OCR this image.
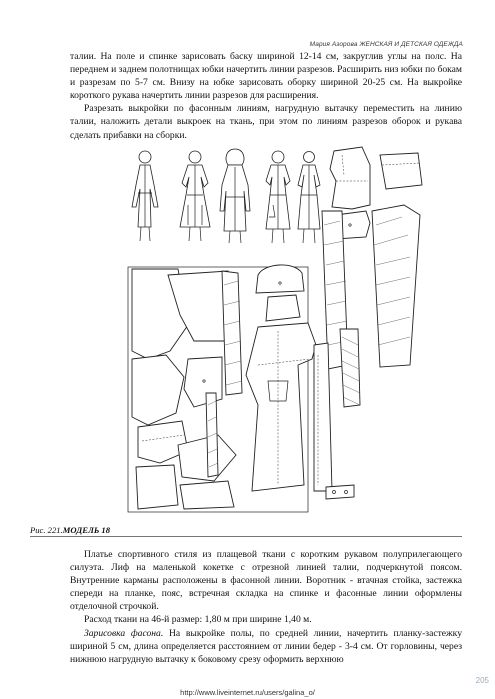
Мария Азорова ЖЕНСКАЯ И ДЕТСКАЯ ОДЕЖДА

талии. На поле и спинке зарисовать баску шириной 12-14 см, закруглив углы на полс. На переднем и заднем полотнищах юбки начертить линии разрезов. Расширить низ юбки по бокам и разрезам по 5-7 см. Внизу на юбке зарисовать оборку шириной 20-25 см. На выкройке короткого рукава начертить линии разрезов для расширения.

Разрезать выкройки по фасонным линиям, нагрудную вытачку переместить на линию талии, наложить детали выкроек на ткань, при этом по линиям разрезов оборок и рукава сделать прибавки на сборки.

Рис. 221.МОДЕЛЬ 18

Платье спортивного стиля из плащевой ткани с коротким рукавом полуприлегающего силуэта. Лиф на маленькой кокетке с отрезной линией талии, подчеркнутой поясом. Внутренние карманы расположены в фасонной линии. Воротник - втачная стойка, застежка спереди на планке, пояс, встречная складка на спинке и фасонные линии оформлены отделочной строчкой.

Расход ткани на 46-й размер: 1,80 м при ширине 1,40 м.

Зарисовка фасона. На выкройке полы, по средней линии, начертить планку-застежку шириной 5 см, длина определяется расстоянием от линии бедер - 3-4 см. От горловины, через нижнюю нагрудную вытачку к боковому срезу оформить верхнюю

205
http://www.liveinternet.ru/users/galina_o/
